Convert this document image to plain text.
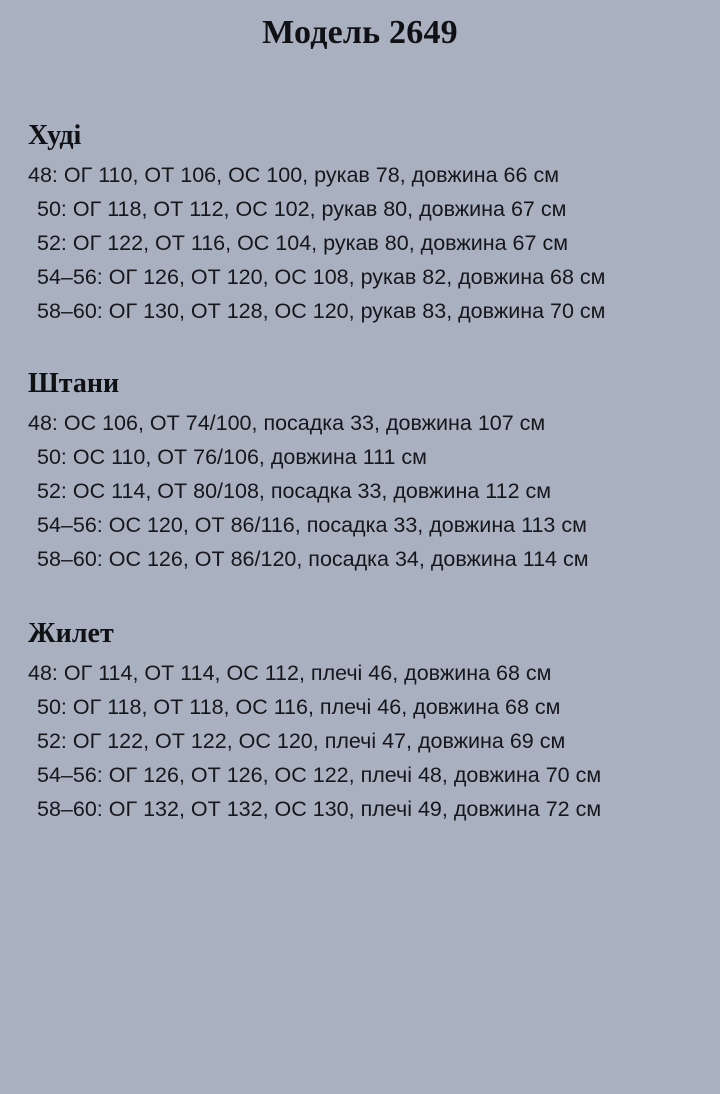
Модель 2649
Худі
48: ОГ 110, ОТ 106, ОС 100, рукав 78, довжина 66 см
50: ОГ 118, ОТ 112, ОС 102, рукав 80, довжина 67 см
52: ОГ 122, ОТ 116, ОС 104, рукав 80, довжина 67 см
54–56: ОГ 126, ОТ 120, ОС 108, рукав 82, довжина 68 см
58–60: ОГ 130, ОТ 128, ОС 120, рукав 83, довжина 70 см
Штани
48: ОС 106, ОТ 74/100, посадка 33, довжина 107 см
50: ОС 110, ОТ 76/106, довжина 111 см
52: ОС 114, ОТ 80/108, посадка 33, довжина 112 см
54–56: ОС 120, ОТ 86/116, посадка 33, довжина 113 см
58–60: ОС 126, ОТ 86/120, посадка 34, довжина 114 см
Жилет
48: ОГ 114, ОТ 114, ОС 112, плечі 46, довжина 68 см
50: ОГ 118, ОТ 118, ОС 116, плечі 46, довжина 68 см
52: ОГ 122, ОТ 122, ОС 120, плечі 47, довжина 69 см
54–56: ОГ 126, ОТ 126, ОС 122, плечі 48, довжина 70 см
58–60: ОГ 132, ОТ 132, ОС 130, плечі 49, довжина 72 см
